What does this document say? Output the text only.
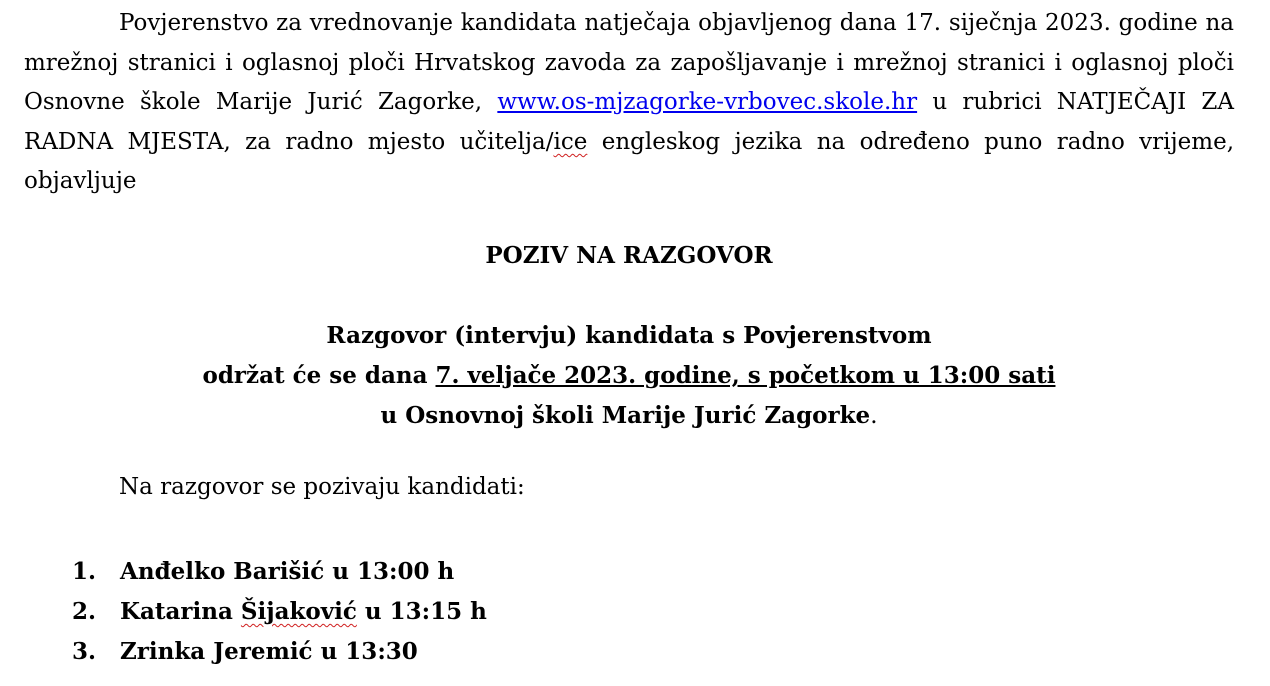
Povjerenstvo za vrednovanje kandidata natječaja objavljenog dana 17. siječnja 2023. godine na mrežnoj stranici i oglasnoj ploči Hrvatskog zavoda za zapošljavanje i mrežnoj stranici i oglasnoj ploči Osnovne škole Marije Jurić Zagorke, www.os-mjzagorke-vrbovec.skole.hr u rubrici NATJEČAJI ZA RADNA MJESTA, za radno mjesto učitelja/ice engleskog jezika na određeno puno radno vrijeme, objavljuje

POZIV NA RAZGOVOR

Razgovor (intervju) kandidata s Povjerenstvom
održat će se dana 7. veljače 2023. godine, s početkom u 13:00 sati
u Osnovnoj školi Marije Jurić Zagorke.

Na razgovor se pozivaju kandidati:

1. Anđelko Barišić u 13:00 h
2. Katarina Šijaković u 13:15 h
3. Zrinka Jeremić u 13:30
